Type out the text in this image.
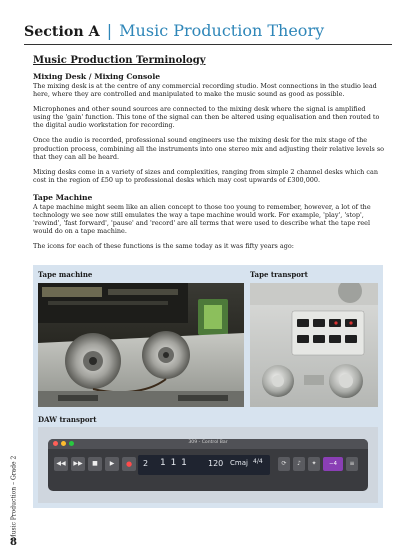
Section A | Music Production Theory
Music Production Terminology
Mixing Desk / Mixing Console

The mixing desk is at the centre of any commercial recording studio. Most connections in the studio lead here, where they are controlled and manipulated to make the music sound as good as possible.

Microphones and other sound sources are connected to the mixing desk where the signal is amplified using the 'gain' function. This tone of the signal can then be altered using equalisation and then routed to the digital audio workstation for recording.

Once the audio is recorded, professional sound engineers use the mixing desk for the mix stage of the production process, combining all the instruments into one stereo mix and adjusting their relative levels so that they can all be heard.

Mixing desks come in a variety of sizes and complexities, ranging from simple 2 channel desks which can cost in the region of £50 up to professional desks which may cost upwards of £300,000.

Tape Machine

A tape machine might seem like an alien concept to those too young to remember, however, a lot of the technology we see now still emulates the way a tape machine would work. For example, 'play', 'stop', 'rewind', 'fast forward', 'pause' and 'record' are all terms that were used to describe what the tape reel would do on a tape machine.

The icons for each of these functions is the same today as it was fifty years ago:

Tape machine	Tape transport
DAW transport
309 - Control Bar
◀◀	▶▶	■	▶	●	2 1 1 1	120 Cmaj 4/4	⟳	♪	✦	−4	≡
Music Production – Grade 2
8
